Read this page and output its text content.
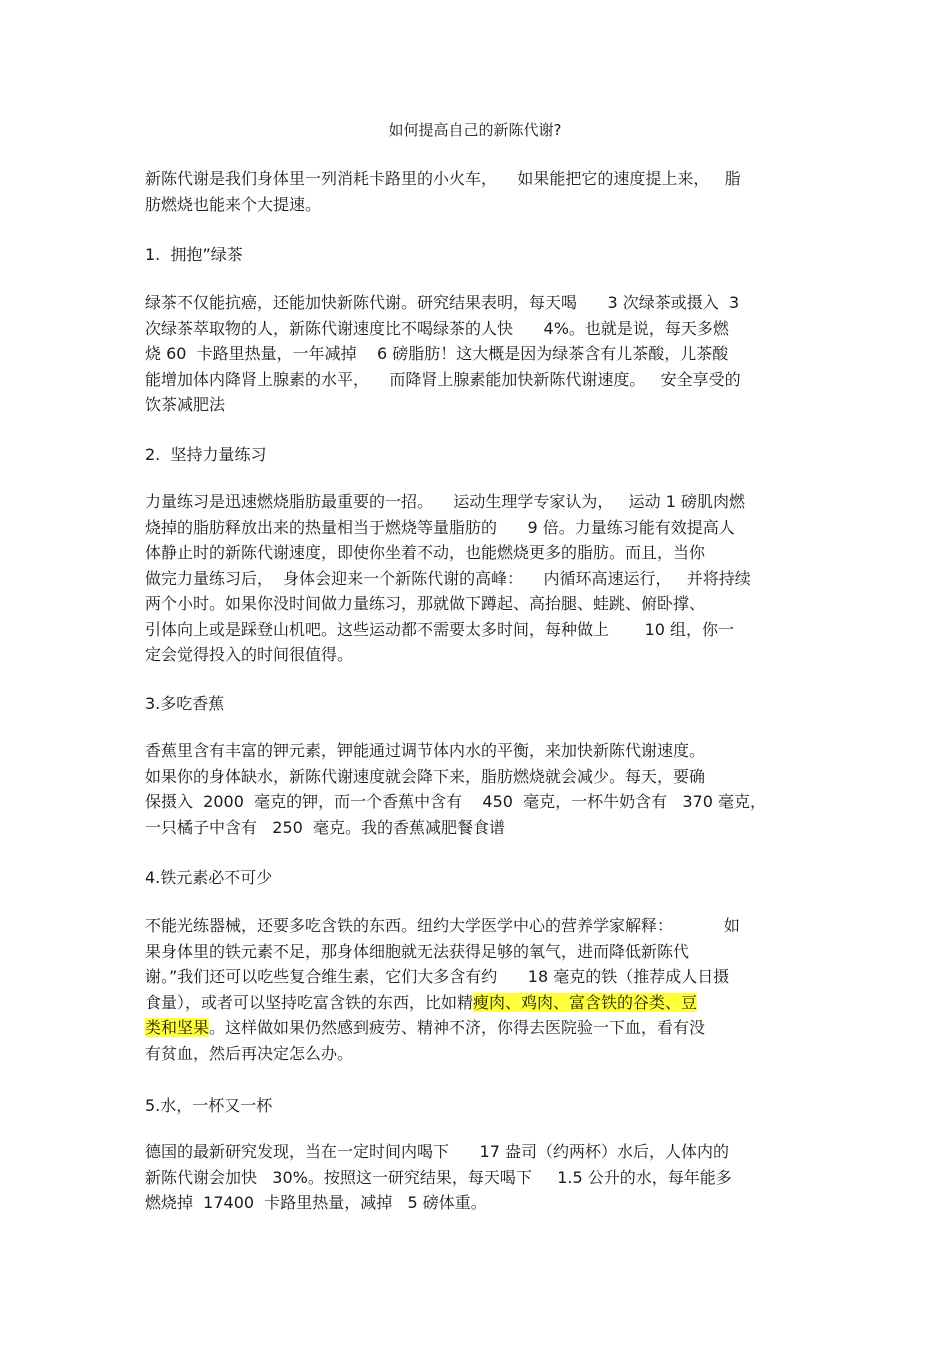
如何提高自己的新陈代谢?
新陈代谢是我们身体里一列消耗卡路里的小火车，    如果能把它的速度提上来，   脂
肪燃烧也能来个大提速。
1.  拥抱”绿茶
绿茶不仅能抗癌，还能加快新陈代谢。研究结果表明，每天喝      3 次绿茶或摄入  3
次绿茶萃取物的人，新陈代谢速度比不喝绿茶的人快      4%。也就是说，每天多燃
烧 60  卡路里热量，一年减掉    6 磅脂肪！这大概是因为绿茶含有儿茶酸，儿茶酸
能增加体内降肾上腺素的水平，    而降肾上腺素能加快新陈代谢速度。   安全享受的
饮茶减肥法
2.  坚持力量练习
力量练习是迅速燃烧脂肪最重要的一招。    运动生理学专家认为，   运动 1 磅肌肉燃
烧掉的脂肪释放出来的热量相当于燃烧等量脂肪的      9 倍。力量练习能有效提高人
体静止时的新陈代谢速度，即使你坐着不动，也能燃烧更多的脂肪。而且，当你
做完力量练习后，  身体会迎来一个新陈代谢的高峰：    内循环高速运行，   并将持续
两个小时。如果你没时间做力量练习，那就做下蹲起、高抬腿、蛙跳、俯卧撑、
引体向上或是踩登山机吧。这些运动都不需要太多时间，每种做上       10 组，你一
定会觉得投入的时间很值得。
3.多吃香蕉
香蕉里含有丰富的钾元素，钾能通过调节体内水的平衡，来加快新陈代谢速度。
如果你的身体缺水，新陈代谢速度就会降下来，脂肪燃烧就会减少。每天，要确
保摄入  2000  毫克的钾，而一个香蕉中含有    450  毫克，一杯牛奶含有   370 毫克，
一只橘子中含有   250  毫克。我的香蕉减肥餐食谱
4.铁元素必不可少
不能光练器械，还要多吃含铁的东西。纽约大学医学中心的营养学家解释：          如
果身体里的铁元素不足，那身体细胞就无法获得足够的氧气，进而降低新陈代
谢。”我们还可以吃些复合维生素，它们大多含有约      18 毫克的铁（推荐成人日摄
食量），或者可以坚持吃富含铁的东西，比如精瘦肉、鸡肉、富含铁的谷类、豆
类和坚果。这样做如果仍然感到疲劳、精神不济，你得去医院验一下血，看有没
有贫血，然后再决定怎么办。
5.水，一杯又一杯
德国的最新研究发现，当在一定时间内喝下      17 盎司（约两杯）水后，人体内的
新陈代谢会加快   30%。按照这一研究结果，每天喝下     1.5 公升的水，每年能多
燃烧掉  17400  卡路里热量，减掉   5 磅体重。
